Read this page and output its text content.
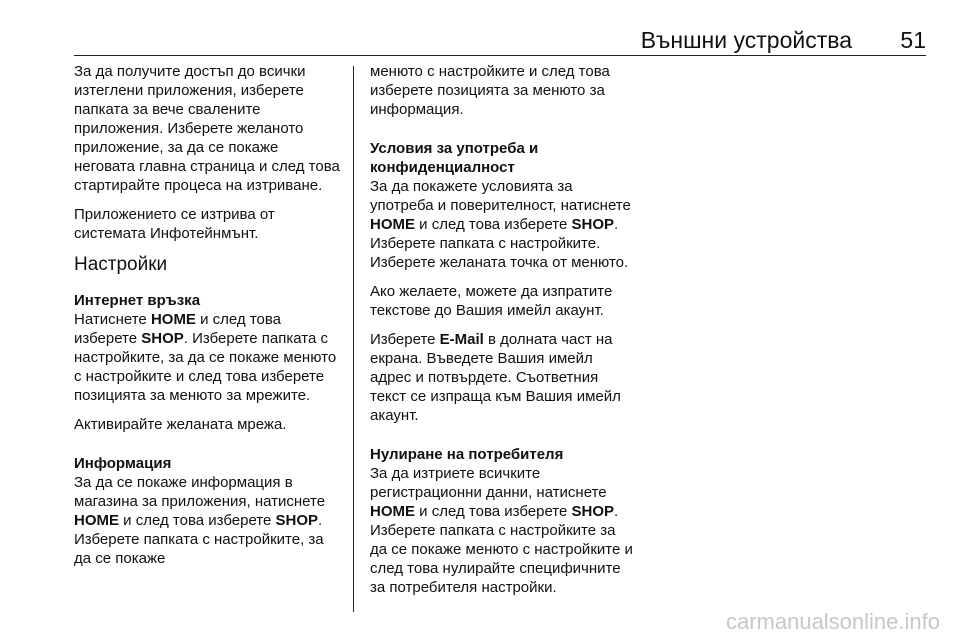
Външни устройства 51

За да получите достъп до всички изтеглени приложения, изберете папката за вече свалените приложения. Изберете желаното приложение, за да се покаже неговата главна страница и след това стартирайте процеса на изтриване.

Приложението се изтрива от системата Инфотейнмънт.

Настройки
Интернет връзка

Натиснете HOME и след това изберете SHOP. Изберете папката с настройките, за да се покаже менюто с настройките и след това изберете позицията за менюто за мрежите.

Активирайте желаната мрежа.

Информация

За да се покаже информация в магазина за приложения, натиснете HOME и след това изберете SHOP. Изберете папката с настройките, за да се покаже

менюто с настройките и след това изберете позицията за менюто за информация.

Условия за употреба и конфиденциалност

За да покажете условията за употреба и поверителност, натиснете HOME и след това изберете SHOP. Изберете папката с настройките. Изберете желаната точка от менюто.

Ако желаете, можете да изпратите текстове до Вашия имейл акаунт.

Изберете E-Mail в долната част на екрана. Въведете Вашия имейл адрес и потвърдете. Съответния текст се изпраща към Вашия имейл акаунт.

Нулиране на потребителя

За да изтриете всичките регистрационни данни, натиснете HOME и след това изберете SHOP. Изберете папката с настройките за да се покаже менюто с настройките и след това нулирайте специфичните за потребителя настройки.

carmanualsonline.info
